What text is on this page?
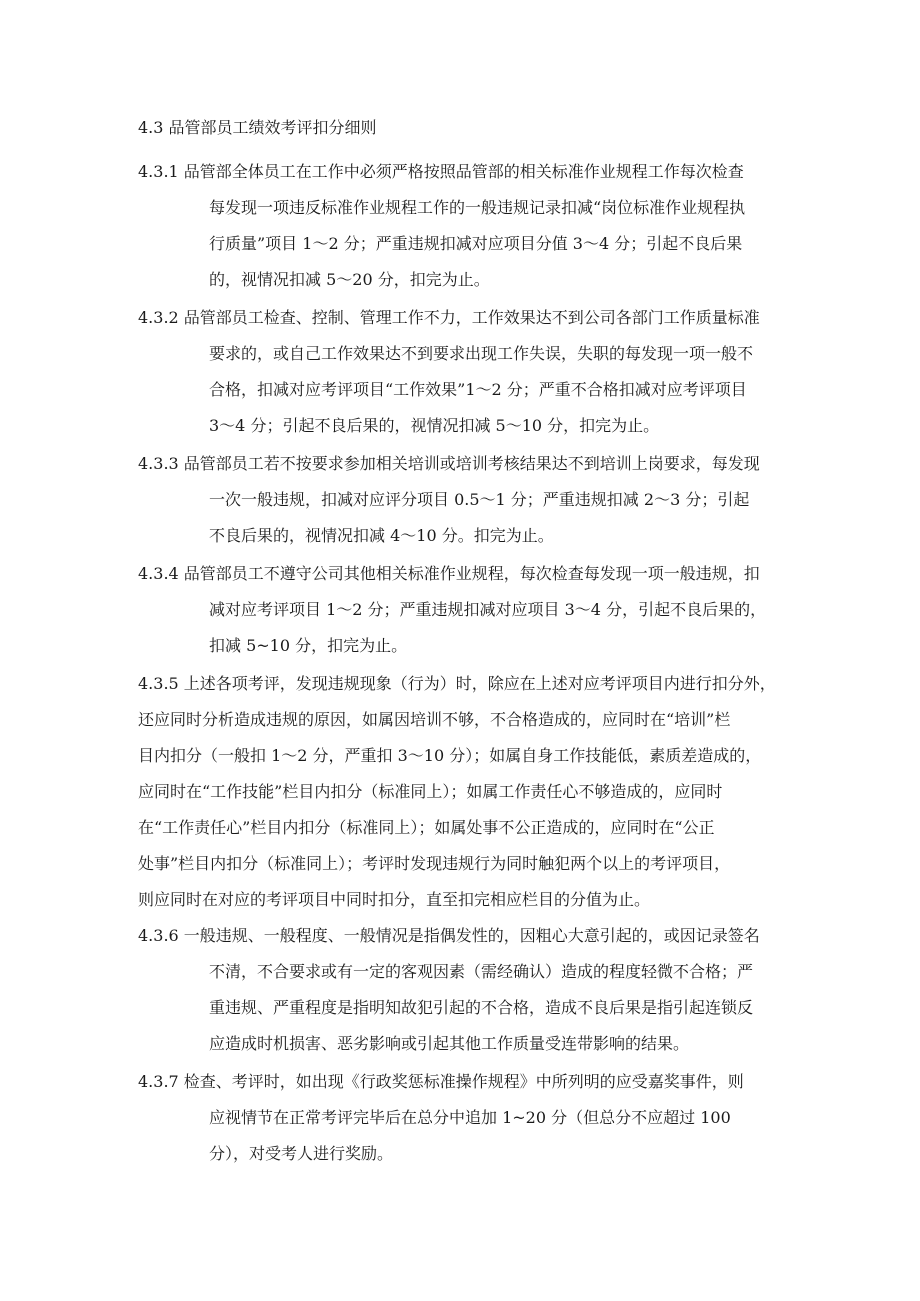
4.3 品管部员工绩效考评扣分细则
4.3.1 品管部全体员工在工作中必须严格按照品管部的相关标准作业规程工作每次检查
每发现一项违反标准作业规程工作的一般违规记录扣减“岗位标准作业规程执
行质量”项目 1～2 分；严重违规扣减对应项目分值 3～4 分；引起不良后果
的，视情况扣减 5～20 分，扣完为止。
4.3.2 品管部员工检查、控制、管理工作不力，工作效果达不到公司各部门工作质量标准
要求的，或自己工作效果达不到要求出现工作失误，失职的每发现一项一般不
合格，扣减对应考评项目“工作效果”1～2 分；严重不合格扣减对应考评项目
3～4 分；引起不良后果的，视情况扣减 5～10 分，扣完为止。
4.3.3 品管部员工若不按要求参加相关培训或培训考核结果达不到培训上岗要求，每发现
一次一般违规，扣减对应评分项目 0.5～1 分；严重违规扣减 2～3 分；引起
不良后果的，视情况扣减 4～10 分。扣完为止。
4.3.4 品管部员工不遵守公司其他相关标准作业规程，每次检查每发现一项一般违规，扣
减对应考评项目 1～2 分；严重违规扣减对应项目 3～4 分，引起不良后果的，
扣减 5~10 分，扣完为止。
4.3.5 上述各项考评，发现违规现象（行为）时，除应在上述对应考评项目内进行扣分外，
还应同时分析造成违规的原因，如属因培训不够，不合格造成的，应同时在“培训”栏
目内扣分（一般扣 1～2 分，严重扣 3～10 分）；如属自身工作技能低，素质差造成的，
应同时在“工作技能”栏目内扣分（标准同上）；如属工作责任心不够造成的，应同时
在“工作责任心”栏目内扣分（标准同上）；如属处事不公正造成的，应同时在“公正
处事”栏目内扣分（标准同上）；考评时发现违规行为同时触犯两个以上的考评项目，
则应同时在对应的考评项目中同时扣分，直至扣完相应栏目的分值为止。
4.3.6 一般违规、一般程度、一般情况是指偶发性的，因粗心大意引起的，或因记录签名
不清，不合要求或有一定的客观因素（需经确认）造成的程度轻微不合格；严
重违规、严重程度是指明知故犯引起的不合格，造成不良后果是指引起连锁反
应造成时机损害、恶劣影响或引起其他工作质量受连带影响的结果。
4.3.7 检查、考评时，如出现《行政奖惩标准操作规程》中所列明的应受嘉奖事件，则
应视情节在正常考评完毕后在总分中追加 1~20 分（但总分不应超过 100
分），对受考人进行奖励。
